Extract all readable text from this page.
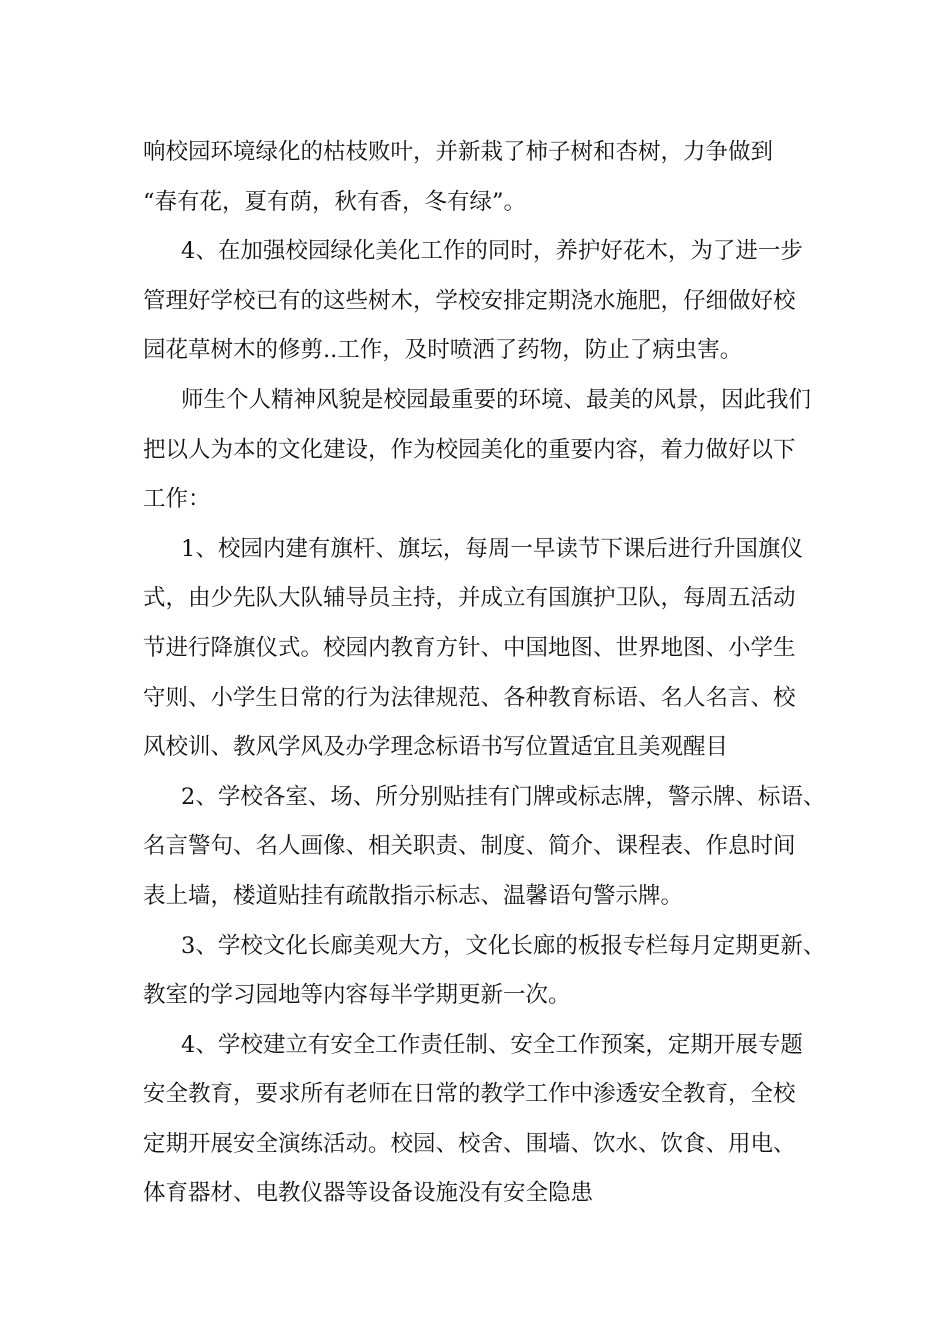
响校园环境绿化的枯枝败叶，并新栽了柿子树和杏树，力争做到
“春有花，夏有荫，秋有香，冬有绿”。
4、在加强校园绿化美化工作的同时，养护好花木，为了进一步
管理好学校已有的这些树木，学校安排定期浇水施肥，仔细做好校
园花草树木的修剪..工作，及时喷洒了药物，防止了病虫害。
师生个人精神风貌是校园最重要的环境、最美的风景，因此我们
把以人为本的文化建设，作为校园美化的重要内容，着力做好以下
工作：
1、校园内建有旗杆、旗坛，每周一早读节下课后进行升国旗仪
式，由少先队大队辅导员主持，并成立有国旗护卫队，每周五活动
节进行降旗仪式。校园内教育方针、中国地图、世界地图、小学生
守则、小学生日常的行为法律规范、各种教育标语、名人名言、校
风校训、教风学风及办学理念标语书写位置适宜且美观醒目
2、学校各室、场、所分别贴挂有门牌或标志牌，警示牌、标语、
名言警句、名人画像、相关职责、制度、简介、课程表、作息时间
表上墙，楼道贴挂有疏散指示标志、温馨语句警示牌。
3、学校文化长廊美观大方，文化长廊的板报专栏每月定期更新、
教室的学习园地等内容每半学期更新一次。
4、学校建立有安全工作责任制、安全工作预案，定期开展专题
安全教育，要求所有老师在日常的教学工作中渗透安全教育，全校
定期开展安全演练活动。校园、校舍、围墙、饮水、饮食、用电、
体育器材、电教仪器等设备设施没有安全隐患
